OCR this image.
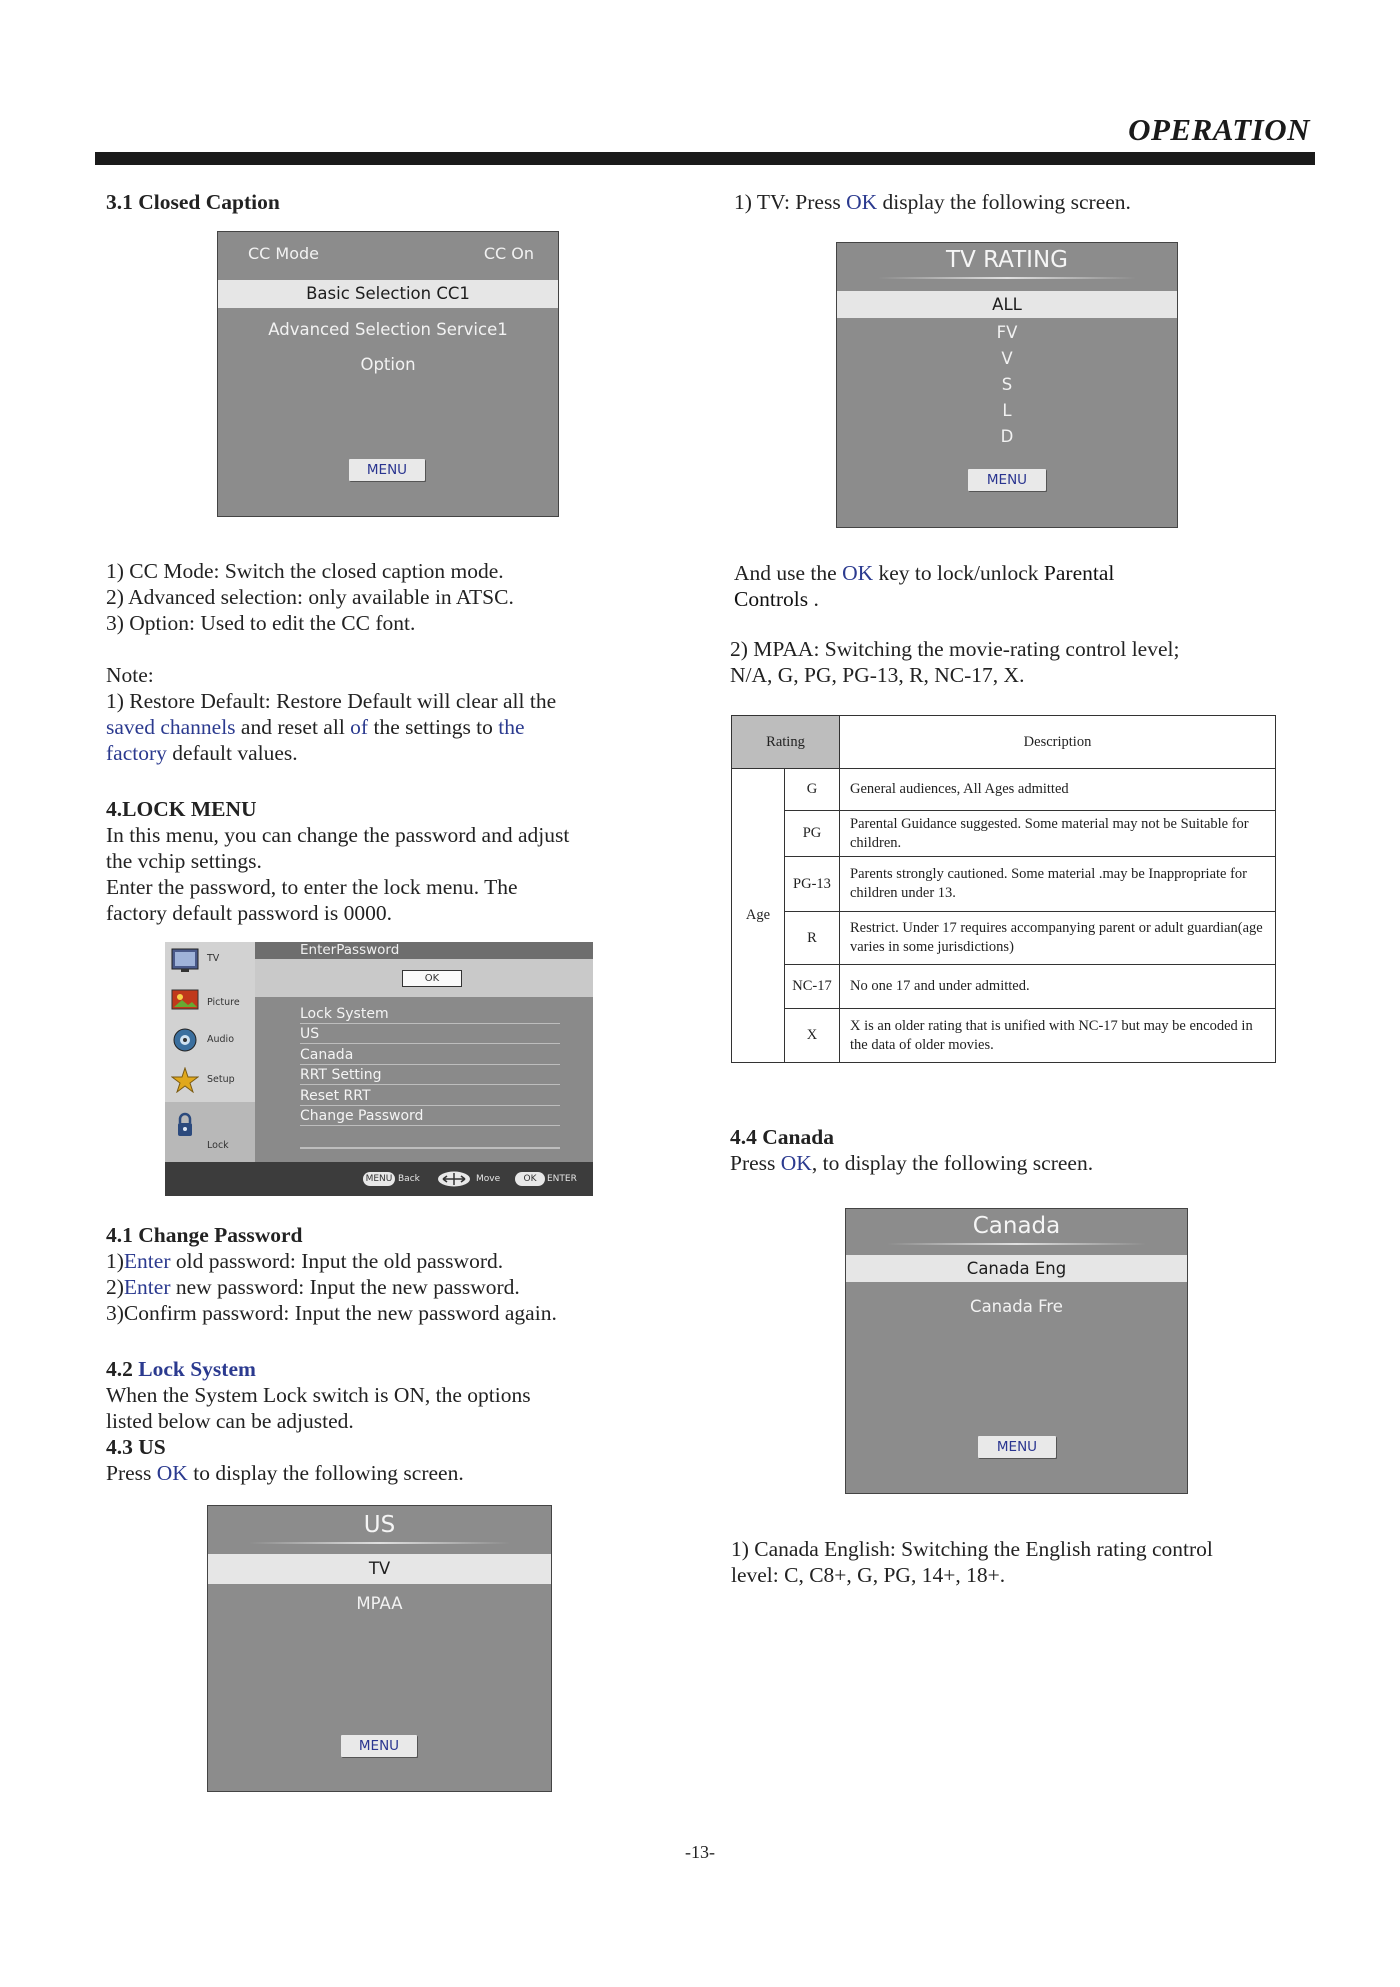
OPERATION
3.1 Closed Caption
CC Mode	CC On
Basic Selection CC1
Advanced Selection Service1
Option
MENU
1) CC Mode: Switch the closed caption mode.
2) Advanced selection: only available in ATSC.
3) Option: Used to edit the CC font.
Note:
1) Restore Default: Restore Default will clear all the
saved channels and reset all of the settings to the
factory default values.
4.LOCK MENU
In this menu, you can change the password and adjust
the vchip settings.
Enter the password, to enter the lock menu. The
factory default password is 0000.
TV
Picture
Audio
Setup
Lock
EnterPassword
OK
Lock System
US
Canada
RRT Setting
Reset RRT
Change Password
MENU Back	Move	OK	ENTER
4.1 Change Password
1)Enter old password: Input the old password.
2)Enter new password: Input the new password.
3)Confirm password: Input the new password again.
4.2 Lock System
When the System Lock switch is ON, the options
listed below can be adjusted.
4.3 US
Press OK to display the following screen.
US
TV
MPAA
MENU
1) TV: Press OK display the following screen.
TV RATING
ALL
FV
V
S
L
D
MENU
And use the OK key to lock/unlock Parental
Controls .
2) MPAA: Switching the movie-rating control level;
N/A, G, PG, PG-13, R, NC-17, X.
Rating		Description
Age	G	General audiences, All Ages admitted
	PG	Parental Guidance suggested. Some material may not be Suitable for children.
	PG-13	Parents strongly cautioned. Some material .may be Inappropriate for children under 13.
	R	Restrict. Under 17 requires accompanying parent or adult guardian(age varies in some jurisdictions)
	NC-17	No one 17 and under admitted.
	X	X is an older rating that is unified with NC-17 but may be encoded in the data of older movies.
4.4 Canada
Press OK, to display the following screen.
Canada
Canada Eng
Canada Fre
MENU
1) Canada English: Switching the English rating control
level: C, C8+, G, PG, 14+, 18+.
-13-
